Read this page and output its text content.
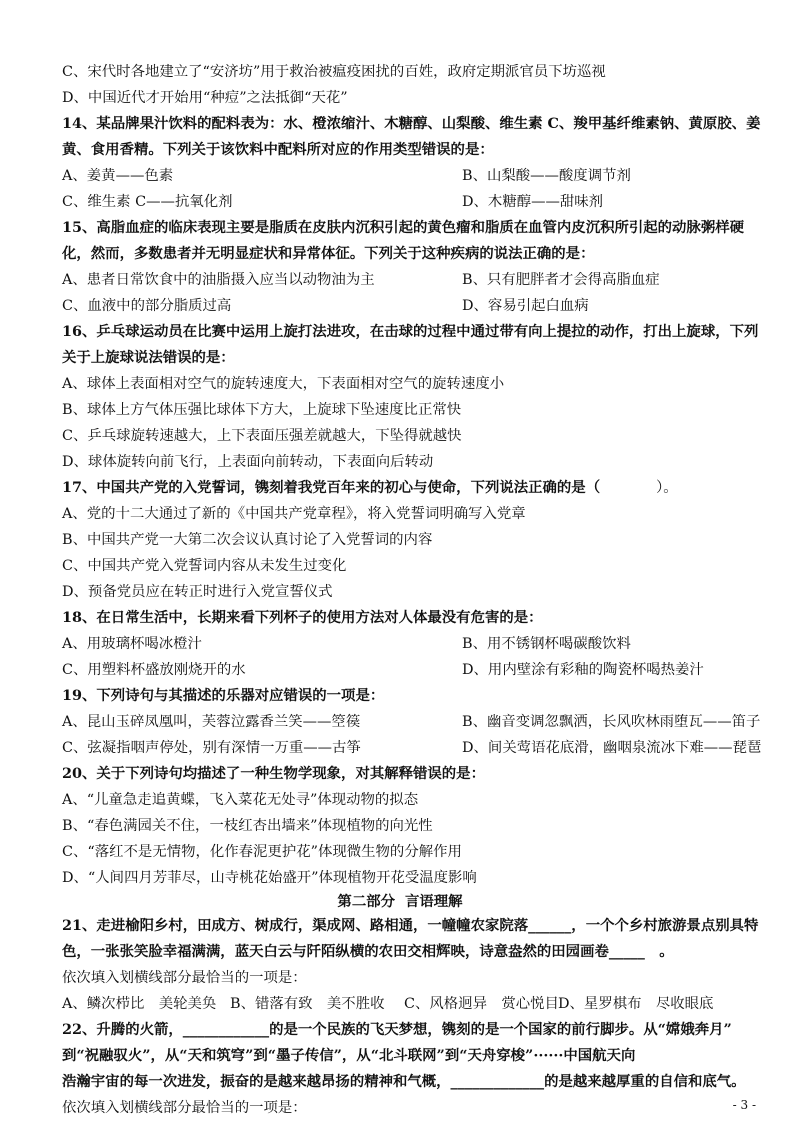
C、宋代时各地建立了“安济坊”用于救治被瘟疫困扰的百姓，政府定期派官员下坊巡视
D、中国近代才开始用“种痘”之法抵御“天花”
14、某品牌果汁饮料的配料表为：水、橙浓缩汁、木糖醇、山梨酸、维生素 C、羧甲基纤维素钠、黄原胶、姜
黄、食用香精。下列关于该饮料中配料所对应的作用类型错误的是：
A、姜黄——色素	B、山梨酸——酸度调节剂
C、维生素 C——抗氧化剂	D、木糖醇——甜味剂
15、高脂血症的临床表现主要是脂质在皮肤内沉积引起的黄色瘤和脂质在血管内皮沉积所引起的动脉粥样硬
化，然而，多数患者并无明显症状和异常体征。下列关于这种疾病的说法正确的是：
A、患者日常饮食中的油脂摄入应当以动物油为主	B、只有肥胖者才会得高脂血症
C、血液中的部分脂质过高	D、容易引起白血病
16、乒乓球运动员在比赛中运用上旋打法进攻，在击球的过程中通过带有向上提拉的动作，打出上旋球，下列
关于上旋球说法错误的是：
A、球体上表面相对空气的旋转速度大，下表面相对空气的旋转速度小
B、球体上方气体压强比球体下方大，上旋球下坠速度比正常快
C、乒乓球旋转速越大，上下表面压强差就越大，下坠得就越快
D、球体旋转向前飞行，上表面向前转动，下表面向后转动
17、中国共产党的入党誓词，镌刻着我党百年来的初心与使命，下列说法正确的是（	）。
A、党的十二大通过了新的《中国共产党章程》，将入党誓词明确写入党章
B、中国共产党一大第二次会议认真讨论了入党誓词的内容
C、中国共产党入党誓词内容从未发生过变化
D、预备党员应在转正时进行入党宣誓仪式
18、在日常生活中，长期来看下列杯子的使用方法对人体最没有危害的是：
A、用玻璃杯喝冰橙汁	B、用不锈钢杯喝碳酸饮料
C、用塑料杯盛放刚烧开的水	D、用内壁涂有彩釉的陶瓷杯喝热姜汁
19、下列诗句与其描述的乐器对应错误的一项是：
A、昆山玉碎凤凰叫，芙蓉泣露香兰笑——箜篌	B、幽音变调忽飘洒，长风吹林雨堕瓦——笛子
C、弦凝指咽声停处，别有深情一万重——古筝	D、间关莺语花底滑，幽咽泉流冰下难——琵琶
20、关于下列诗句均描述了一种生物学现象，对其解释错误的是：
A、“儿童急走追黄蝶，飞入菜花无处寻”体现动物的拟态
B、“春色满园关不住，一枝红杏出墙来”体现植物的向光性
C、“落红不是无情物，化作春泥更护花”体现微生物的分解作用
D、“人间四月芳菲尽，山寺桃花始盛开”体现植物开花受温度影响
第二部分 言语理解
21、走进榆阳乡村，田成方、树成行，渠成网、路相通，一幢幢农家院落______，一个个乡村旅游景点别具特
色，一张张笑脸幸福满满，蓝天白云与阡陌纵横的农田交相辉映，诗意盎然的田园画卷_____　。
依次填入划横线部分最恰当的一项是：
A、鳞次栉比　美轮美奂 B、错落有致　美不胜收 C、风格迥异　赏心悦目 D、星罗棋布　尽收眼底
22、升腾的火箭，____________的是一个民族的飞天梦想，镌刻的是一个国家的前行脚步。从“嫦娥奔月”
到“祝融驭火”，从“天和筑穹”到“墨子传信”，从“北斗联网”到“天舟穿梭”······中国航天向
浩瀚宇宙的每一次进发，振奋的是越来越昂扬的精神和气概，_____________的是越来越厚重的自信和底气。
依次填入划横线部分最恰当的一项是：	- 3 -
